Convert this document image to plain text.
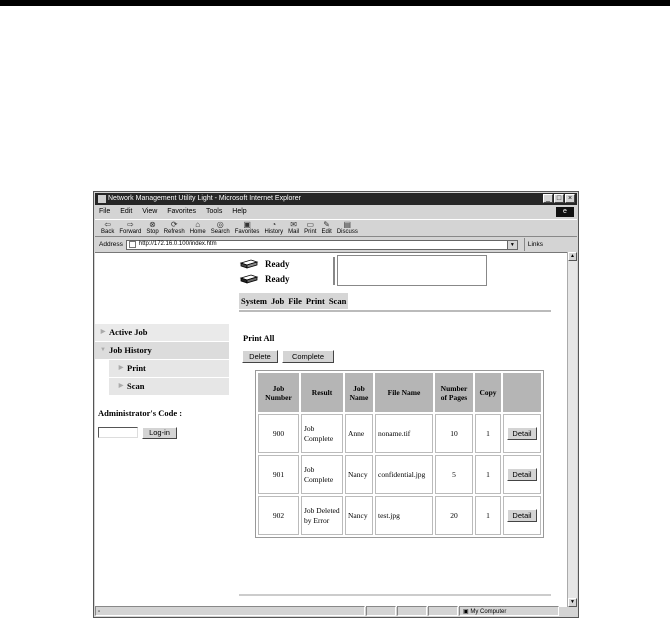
Network Management Utility Light - Microsoft Internet Explorer	_ □ ×
File Edit View Favorites Tools Help	e
⇦
Back
⇨
Forward
⊗
Stop
⟳
Refresh
⌂
Home
◎
Search
▣
Favorites
◔
History
✉
Mail
▭
Print
✎
Edit
▤
Discuss
Address	http://172.16.0.100/index.htm	▼	Links
Ready
Ready
System Job File Print Scan
▶ Active Job
▼ Job History
▶ Print
▶ Scan
Administrator's Code :
Log-in
Print All
Delete	Complete
Job Number	Result	Job Name	File Name	Number of Pages	Copy	
900	Job Complete	Anne	noname.tif	10	1	Detail
901	Job Complete	Nancy	confidential.jpg	5	1	Detail
902	Job Deleted by Error	Nancy	test.jpg	20	1	Detail
▲
▼
▫	▣ My Computer
